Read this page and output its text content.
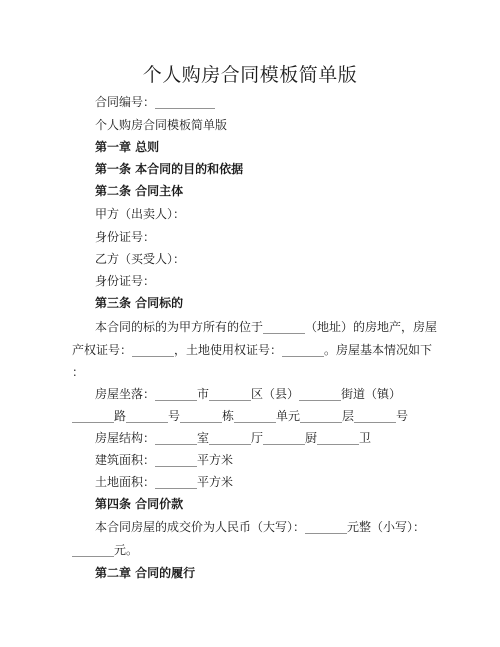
个人购房合同模板简单版
合同编号：__________
个人购房合同模板简单版
第一章 总则
第一条 本合同的目的和依据
第二条 合同主体
甲方（出卖人）：
身份证号：
乙方（买受人）：
身份证号：
第三条 合同标的
本合同的标的为甲方所有的位于_______（地址）的房地产，房屋
产权证号：_______，土地使用权证号：_______。房屋基本情况如下
：
房屋坐落：_______市_______区（县）_______街道（镇）
_______路_______号_______栋_______单元_______层_______号
房屋结构：_______室_______厅_______厨_______卫
建筑面积：_______平方米
土地面积：_______平方米
第四条 合同价款
本合同房屋的成交价为人民币（大写）：_______元整（小写）：
_______元。
第二章 合同的履行
